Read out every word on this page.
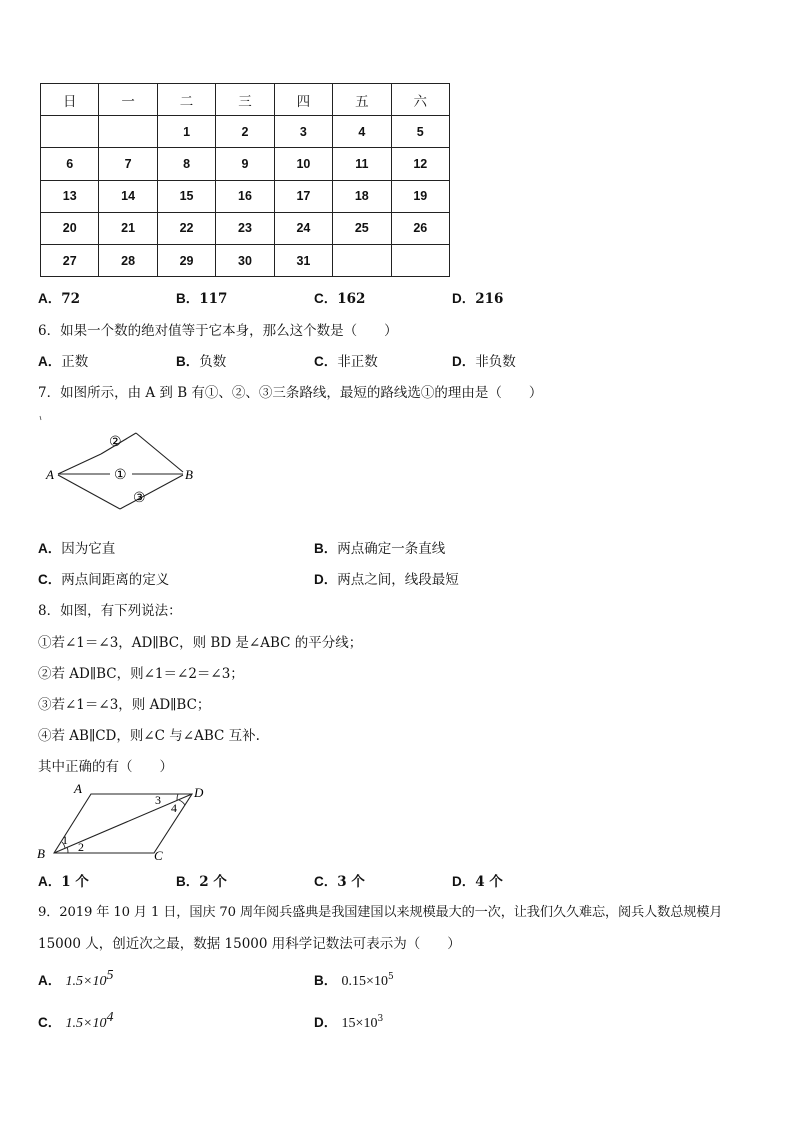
日	一	二	三	四	五	六
		1	2	3	4	5
6	7	8	9	10	11	12
13	14	15	16	17	18	19
20	21	22	23	24	25	26
27	28	29	30	31		
A．72	B．117	C．162	D．216
6．如果一个数的绝对值等于它本身，那么这个数是（　　）
A．正数	B．负数	C．非正数	D．非负数
7．如图所示，由 A 到 B 有①、②、③三条路线，最短的路线选①的理由是（　　）
A	B
②
①
③
A．因为它直	B．两点确定一条直线
C．两点间距离的定义	D．两点之间，线段最短
8．如图，有下列说法：
①若∠1＝∠3，AD∥BC，则 BD 是∠ABC 的平分线；
②若 AD∥BC，则∠1＝∠2＝∠3；
③若∠1＝∠3，则 AD∥BC；
④若 AB∥CD，则∠C 与∠ABC 互补.
其中正确的有（　　）
A
B	C
D
1 2
3
4
A．1 个	B．2 个	C．3 个	D．4 个
9．2019 年 10 月 1 日，国庆 70 周年阅兵盛典是我国建国以来规模最大的一次，让我们久久难忘，阅兵人数总规模月
15000 人，创近次之最，数据 15000 用科学记数法可表示为（　　）
A． $1.5\times 10^5$	B． $0.15\times 10^5$
C． $1.5\times 10^4$	D． $15\times 10^3$
